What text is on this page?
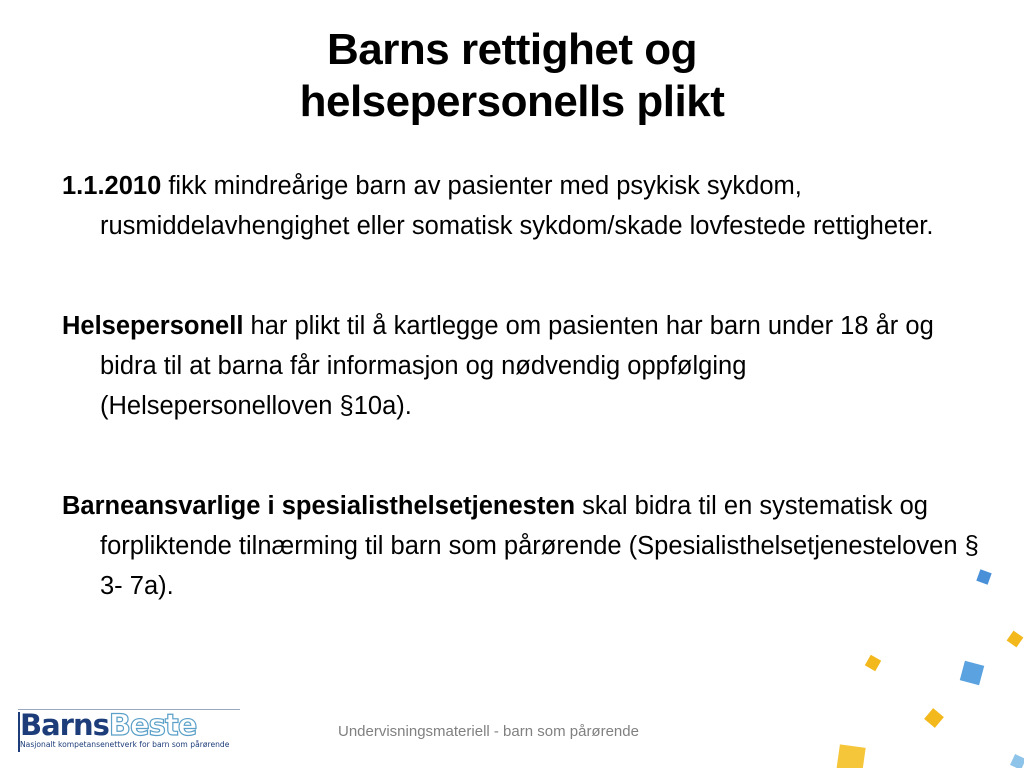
Barns rettighet og
helsepersonells plikt

1.1.2010 fikk mindreårige barn av pasienter med psykisk sykdom, rusmiddelavhengighet eller somatisk sykdom/skade lovfestede rettigheter.

Helsepersonell har plikt til å kartlegge om pasienten har barn under 18 år og bidra til at barna får informasjon og nødvendig oppfølging (Helsepersonelloven §10a).

Barneansvarlige i spesialisthelsetjenesten skal bidra til en systematisk og forpliktende tilnærming til barn som pårørende (Spesialisthelsetjenesteloven § 3- 7a).

Undervisningsmateriell - barn som pårørende
BarnsBeste
Nasjonalt kompetansenettverk for barn som pårørende
